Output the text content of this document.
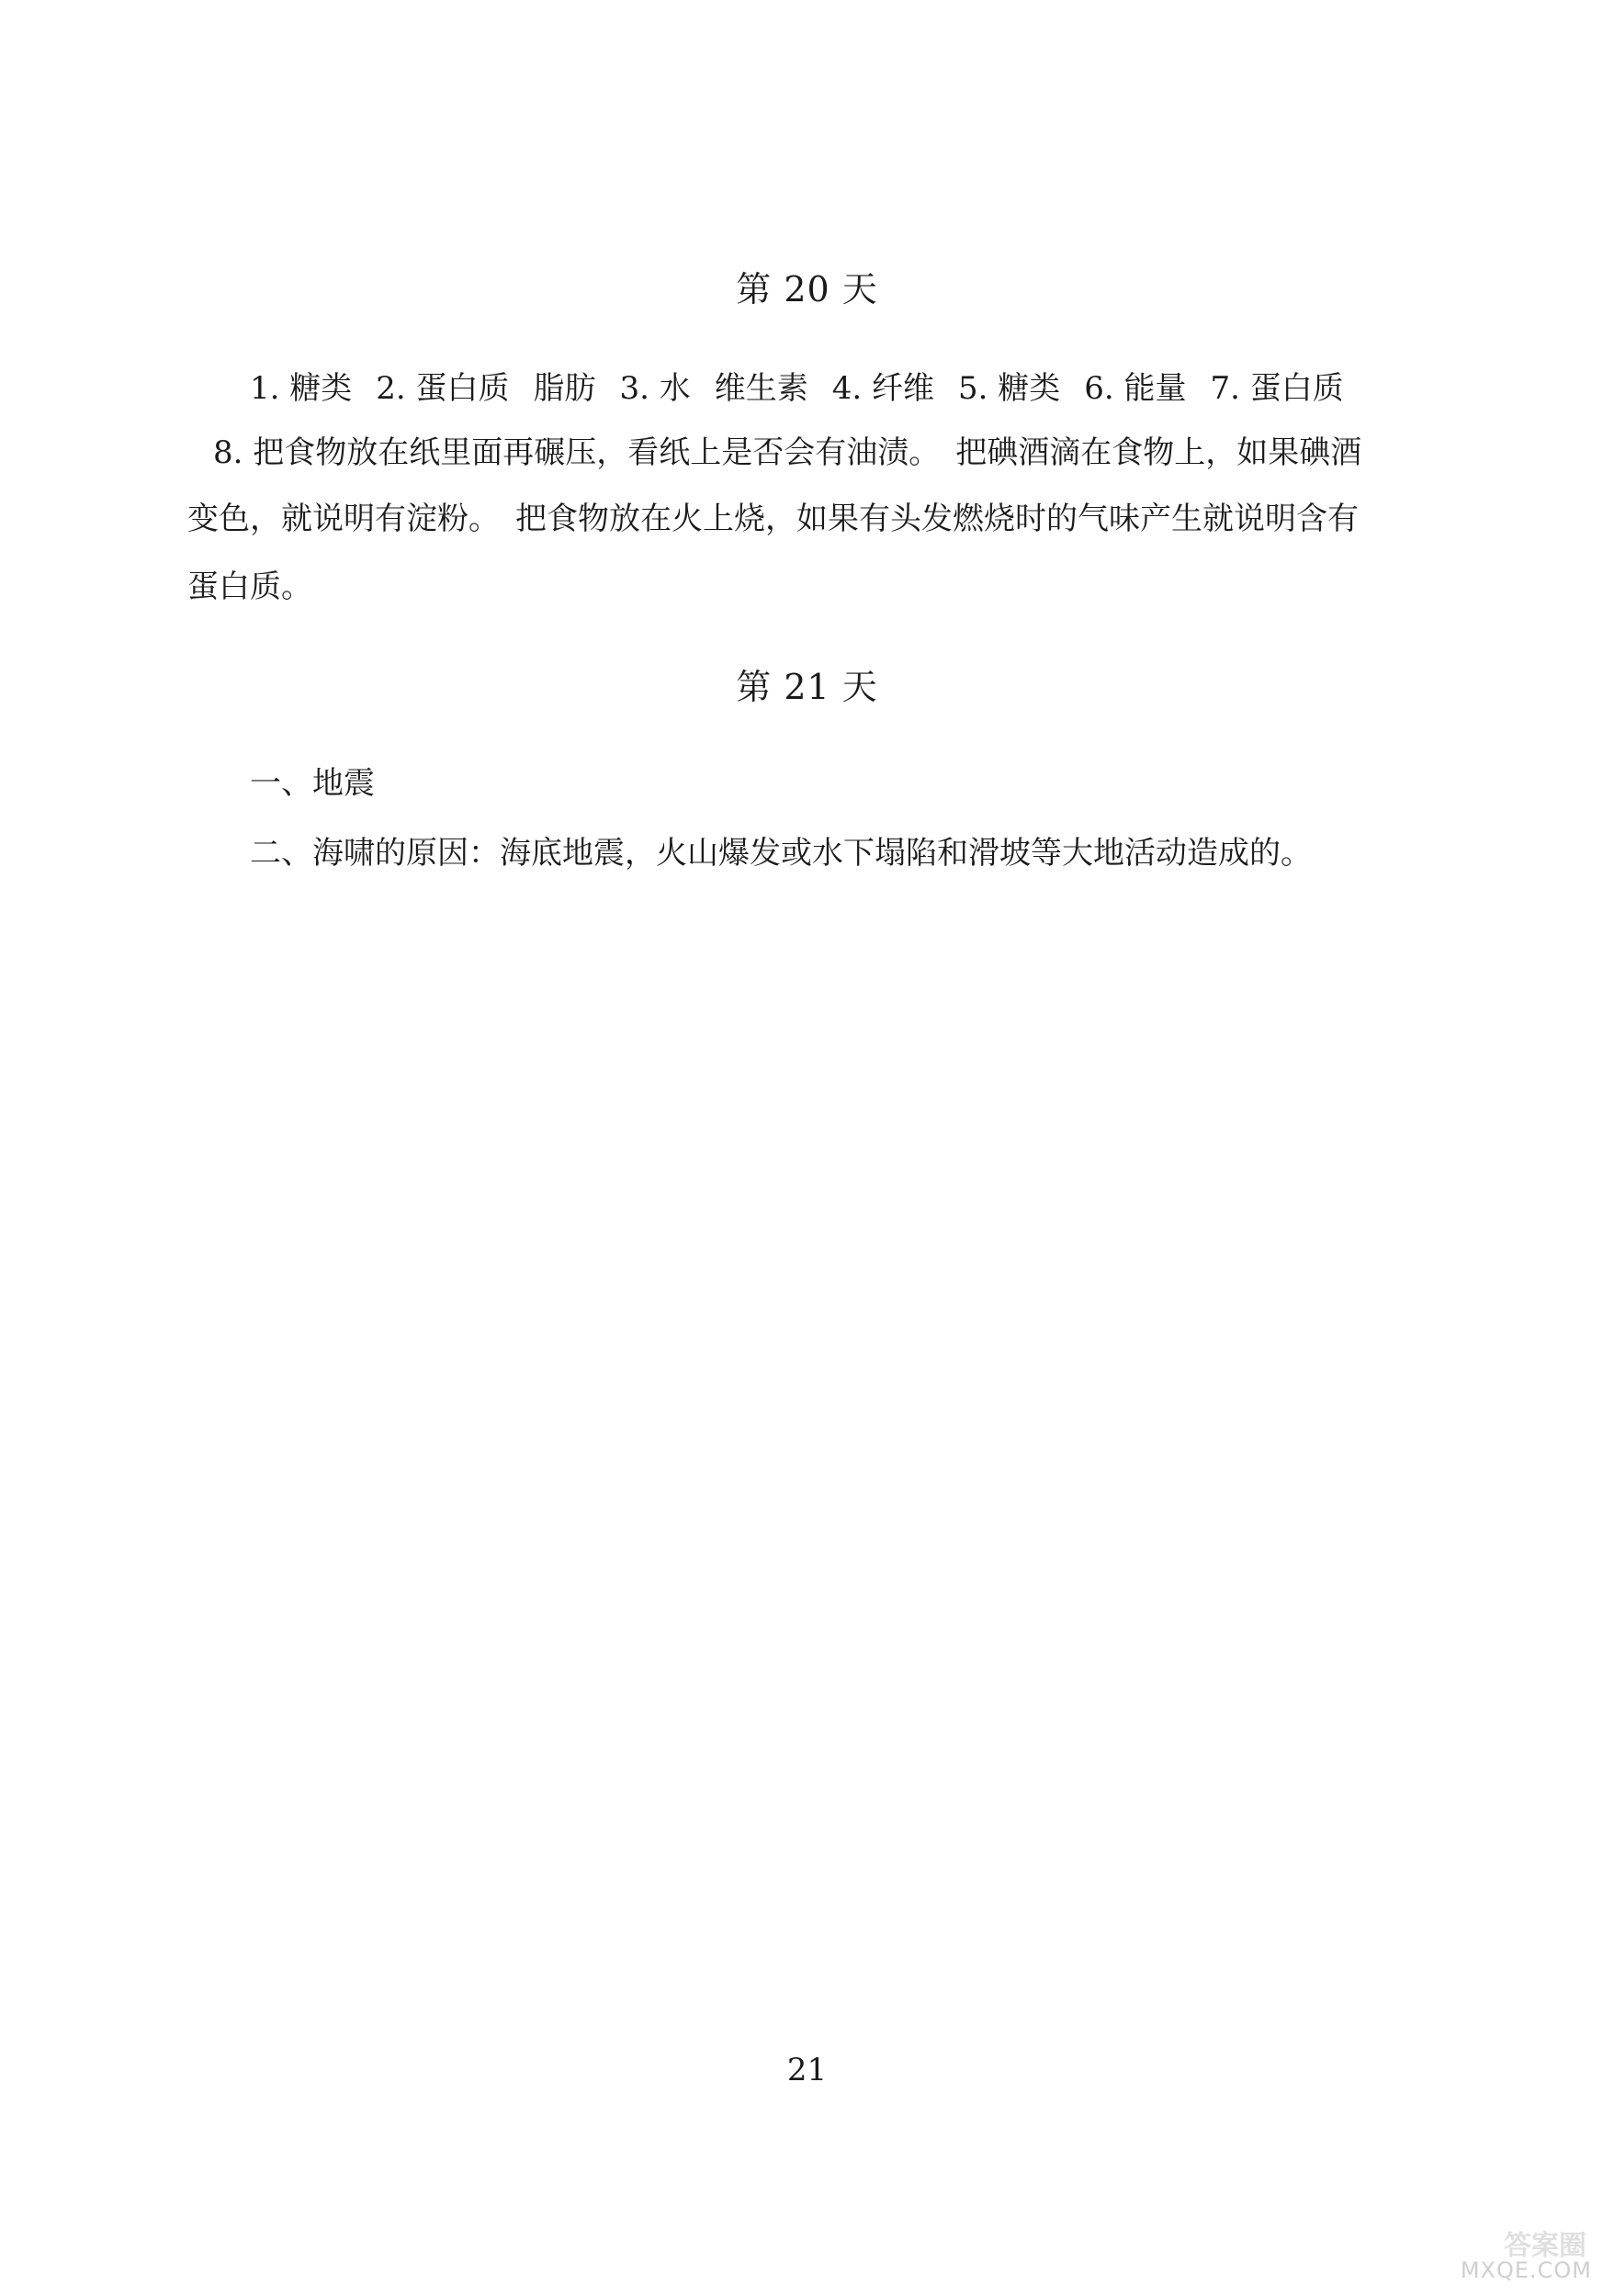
第 20 天
1. 糖类 2. 蛋白质 脂肪 3. 水 维生素 4. 纤维 5. 糖类 6. 能量 7. 蛋白质
8. 把食物放在纸里面再碾压，看纸上是否会有油渍。　把碘酒滴在食物上，如果碘酒
变色，就说明有淀粉。　把食物放在火上烧，如果有头发燃烧时的气味产生就说明含有
蛋白质。
第 21 天
一、地震
二、海啸的原因：海底地震，火山爆发或水下塌陷和滑坡等大地活动造成的。
21
答案圈
MXQE.COM
